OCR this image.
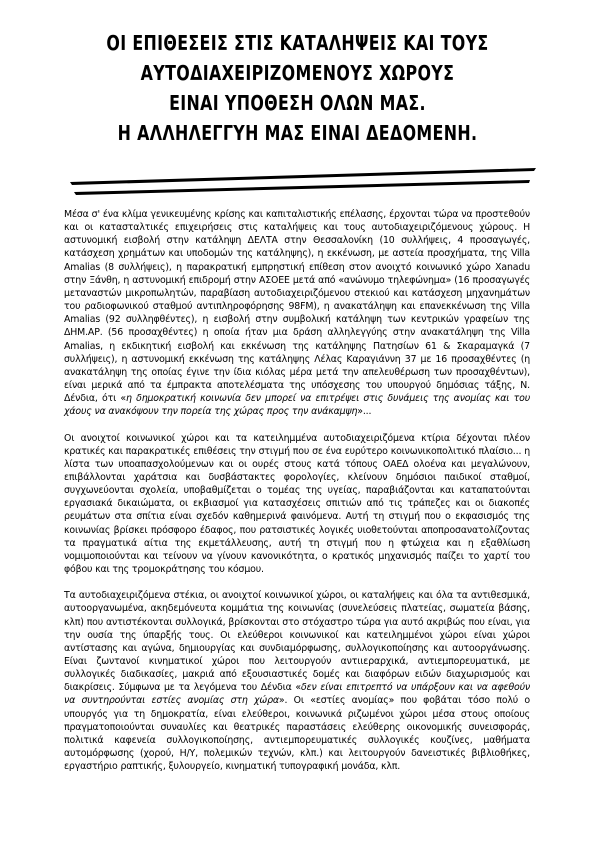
ΟΙ ΕΠΙΘΕΣΕΙΣ ΣΤΙΣ ΚΑΤΑΛΗΨΕΙΣ ΚΑΙ ΤΟΥΣ
ΑΥΤΟΔΙΑΧΕΙΡΙΖΟΜΕΝΟΥΣ ΧΩΡΟΥΣ
ΕΙΝΑΙ ΥΠΟΘΕΣΗ ΟΛΩΝ ΜΑΣ.
Η ΑΛΛΗΛΕΓΓΥΗ ΜΑΣ ΕΙΝΑΙ ΔΕΔΟΜΕΝΗ.

Μέσα σ' ένα κλίμα γενικευμένης κρίσης και καπιταλιστικής επέλασης, έρχονται τώρα να προστεθούν και οι κατασταλτικές επιχειρήσεις στις καταλήψεις και τους αυτοδιαχειριζόμενους χώρους. Η αστυνομική εισβολή στην κατάληψη ΔΕΛΤΑ στην Θεσσαλονίκη (10 συλλήψεις, 4 προσαγωγές, κατάσχεση χρημάτων και υποδομών της κατάληψης), η εκκένωση, με αστεία προσχήματα, της Villa Amalias (8 συλλήψεις), η παρακρατική εμπρηστική επίθεση στον ανοιχτό κοινωνικό χώρο Xanadu στην Ξάνθη, η αστυνομική επιδρομή στην ΑΣΟΕΕ μετά από «ανώνυμο τηλεφώνημα» (16 προσαγωγές μεταναστών μικροπωλητών, παραβίαση αυτοδιαχειριζόμενου στεκιού και κατάσχεση μηχανημάτων του ραδιοφωνικού σταθμού αντιπληροφόρησης 98FM), η ανακατάληψη και επανεκκένωση της Villa Amalias (92 συλληφθέντες), η εισβολή στην συμβολική κατάληψη των κεντρικών γραφείων της ΔΗΜ.ΑΡ. (56 προσαχθέντες) η οποία ήταν μια δράση αλληλεγγύης στην ανακατάληψη της Villa Amalias, η εκδικητική εισβολή και εκκένωση της κατάληψης Πατησίων 61 & Σκαραμαγκά (7 συλλήψεις), η αστυνομική εκκένωση της κατάληψης Λέλας Καραγιάννη 37 με 16 προσαχθέντες (η ανακατάληψη της οποίας έγινε την ίδια κιόλας μέρα μετά την απελευθέρωση των προσαχθέντων), είναι μερικά από τα έμπρακτα αποτελέσματα της υπόσχεσης του υπουργού δημόσιας τάξης, Ν. Δένδια, ότι «η δημοκρατική κοινωνία δεν μπορεί να επιτρέψει στις δυνάμεις της ανομίας και του χάους να ανακόψουν την πορεία της χώρας προς την ανάκαμψη»...

Οι ανοιχτοί κοινωνικοί χώροι και τα κατειλημμένα αυτοδιαχειριζόμενα κτίρια δέχονται πλέον κρατικές και παρακρατικές επιθέσεις την στιγμή που σε ένα ευρύτερο κοινωνικοπολιτικό πλαίσιο... η λίστα των υποαπασχολούμενων και οι ουρές στους κατά τόπους ΟΑΕΔ ολοένα και μεγαλώνουν, επιβάλλονται χαράτσια και δυσβάστακτες φορολογίες, κλείνουν δημόσιοι παιδικοί σταθμοί, συγχωνεύονται σχολεία, υποβαθμίζεται ο τομέας της υγείας, παραβιάζονται και καταπατούνται εργασιακά δικαιώματα, οι εκβιασμοί για κατασχέσεις σπιτιών από τις τράπεζες και οι διακοπές ρευμάτων στα σπίτια είναι σχεδόν καθημερινά φαινόμενα. Αυτή τη στιγμή που ο εκφασισμός της κοινωνίας βρίσκει πρόσφορο έδαφος, που ρατσιστικές λογικές υιοθετούνται αποπροσανατολίζοντας τα πραγματικά αίτια της εκμετάλλευσης, αυτή τη στιγμή που η φτώχεια και η εξαθλίωση νομιμοποιούνται και τείνουν να γίνουν κανονικότητα, ο κρατικός μηχανισμός παίζει το χαρτί του φόβου και της τρομοκράτησης του κόσμου.

Τα αυτοδιαχειριζόμενα στέκια, οι ανοιχτοί κοινωνικοί χώροι, οι καταλήψεις και όλα τα αντιθεσμικά, αυτοοργανωμένα, ακηδεμόνευτα κομμάτια της κοινωνίας (συνελεύσεις πλατείας, σωματεία βάσης, κλπ) που αντιστέκονται συλλογικά, βρίσκονται στο στόχαστρο τώρα για αυτό ακριβώς που είναι, για την ουσία της ύπαρξής τους. Οι ελεύθεροι κοινωνικοί και κατειλημμένοι χώροι είναι χώροι αντίστασης και αγώνα, δημιουργίας και συνδιαμόρφωσης, συλλογικοποίησης και αυτοοργάνωσης. Είναι ζωντανοί κινηματικοί χώροι που λειτουργούν αντιιεραρχικά, αντιεμπορευματικά, με συλλογικές διαδικασίες, μακριά από εξουσιαστικές δομές και διαφόρων ειδών διαχωρισμούς και διακρίσεις. Σύμφωνα με τα λεγόμενα του Δένδια «δεν είναι επιτρεπτό να υπάρξουν και να αφεθούν να συντηρούνται εστίες ανομίας στη χώρα». Οι «εστίες ανομίας» που φοβάται τόσο πολύ ο υπουργός για τη δημοκρατία, είναι ελεύθεροι, κοινωνικά ριζωμένοι χώροι μέσα στους οποίους πραγματοποιούνται συναυλίες και θεατρικές παραστάσεις ελεύθερης οικονομικής συνεισφοράς, πολιτικά καφενεία συλλογικοποίησης, αντιεμπορευματικές συλλογικές κουζίνες, μαθήματα αυτομόρφωσης (χορού, Η/Υ, πολεμικών τεχνών, κλπ.) και λειτουργούν δανειστικές βιβλιοθήκες, εργαστήριο ραπτικής, ξυλουργείο, κινηματική τυπογραφική μονάδα, κλπ.
